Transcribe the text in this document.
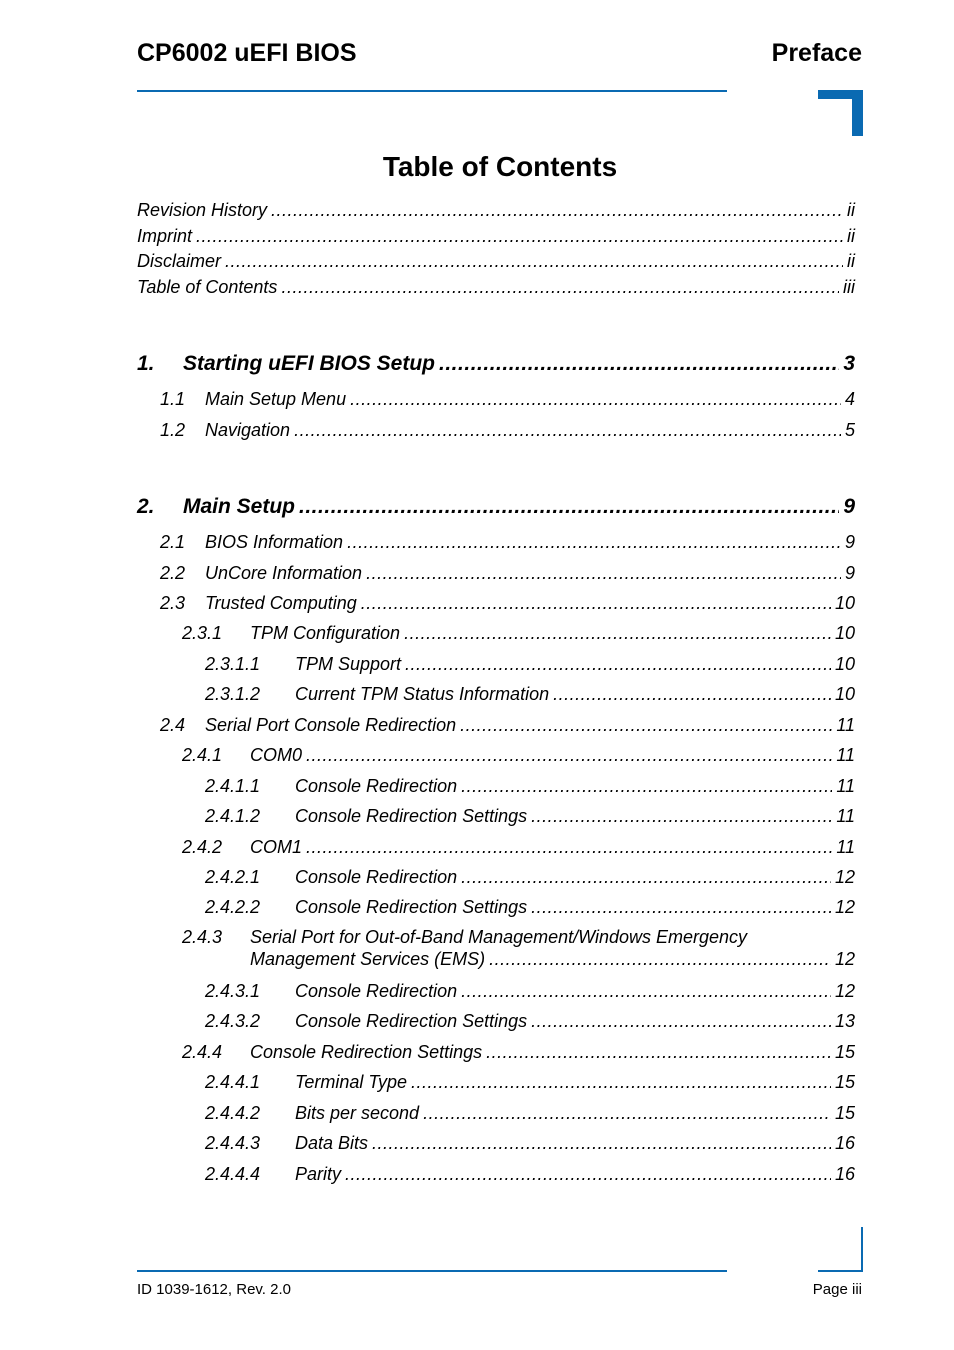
CP6002 uEFI BIOS	Preface
Table of Contents
Revision History .....	ii
Imprint .....	ii
Disclaimer .....	ii
Table of Contents .....	iii
1.	Starting uEFI BIOS Setup .....	3
1.1	Main Setup Menu .....	4
1.2	Navigation .....	5
2.	Main Setup .....	9
2.1	BIOS Information .....	9
2.2	UnCore Information .....	9
2.3	Trusted Computing .....	10
2.3.1	TPM Configuration .....	10
2.3.1.1	TPM Support .....	10
2.3.1.2	Current TPM Status Information .....	10
2.4	Serial Port Console Redirection .....	11
2.4.1	COM0 .....	11
2.4.1.1	Console Redirection .....	11
2.4.1.2	Console Redirection Settings .....	11
2.4.2	COM1 .....	11
2.4.2.1	Console Redirection .....	12
2.4.2.2	Console Redirection Settings .....	12
2.4.3 Serial Port for Out-of-Band Management/Windows Emergency
Management Services (EMS) .....	12
2.4.3.1	Console Redirection .....	12
2.4.3.2	Console Redirection Settings .....	13
2.4.4	Console Redirection Settings .....	15
2.4.4.1	Terminal Type .....	15
2.4.4.2	Bits per second .....	15
2.4.4.3	Data Bits .....	16
2.4.4.4	Parity .....	16
ID 1039-1612, Rev. 2.0	Page iii
